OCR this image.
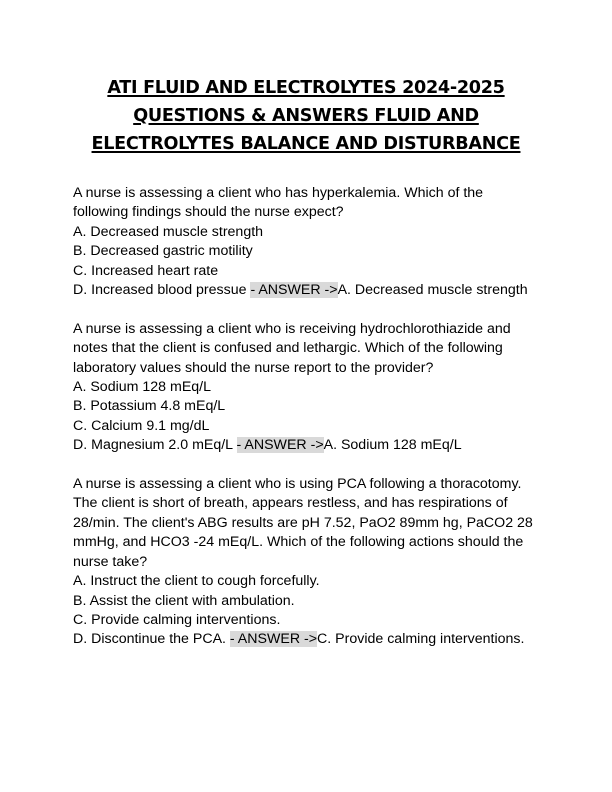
ATI FLUID AND ELECTROLYTES 2024-2025
QUESTIONS & ANSWERS FLUID AND
ELECTROLYTES BALANCE AND DISTURBANCE
A nurse is assessing a client who has hyperkalemia. Which of the
following findings should the nurse expect?
A. Decreased muscle strength
B. Decreased gastric motility
C. Increased heart rate
D. Increased blood pressue - ANSWER ->A. Decreased muscle strength
A nurse is assessing a client who is receiving hydrochlorothiazide and
notes that the client is confused and lethargic. Which of the following
laboratory values should the nurse report to the provider?
A. Sodium 128 mEq/L
B. Potassium 4.8 mEq/L
C. Calcium 9.1 mg/dL
D. Magnesium 2.0 mEq/L - ANSWER ->A. Sodium 128 mEq/L
A nurse is assessing a client who is using PCA following a thoracotomy.
The client is short of breath, appears restless, and has respirations of
28/min. The client's ABG results are pH 7.52, PaO2 89mm hg, PaCO2 28
mmHg, and HCO3 -24 mEq/L. Which of the following actions should the
nurse take?
A. Instruct the client to cough forcefully.
B. Assist the client with ambulation.
C. Provide calming interventions.
D. Discontinue the PCA. - ANSWER ->C. Provide calming interventions.
